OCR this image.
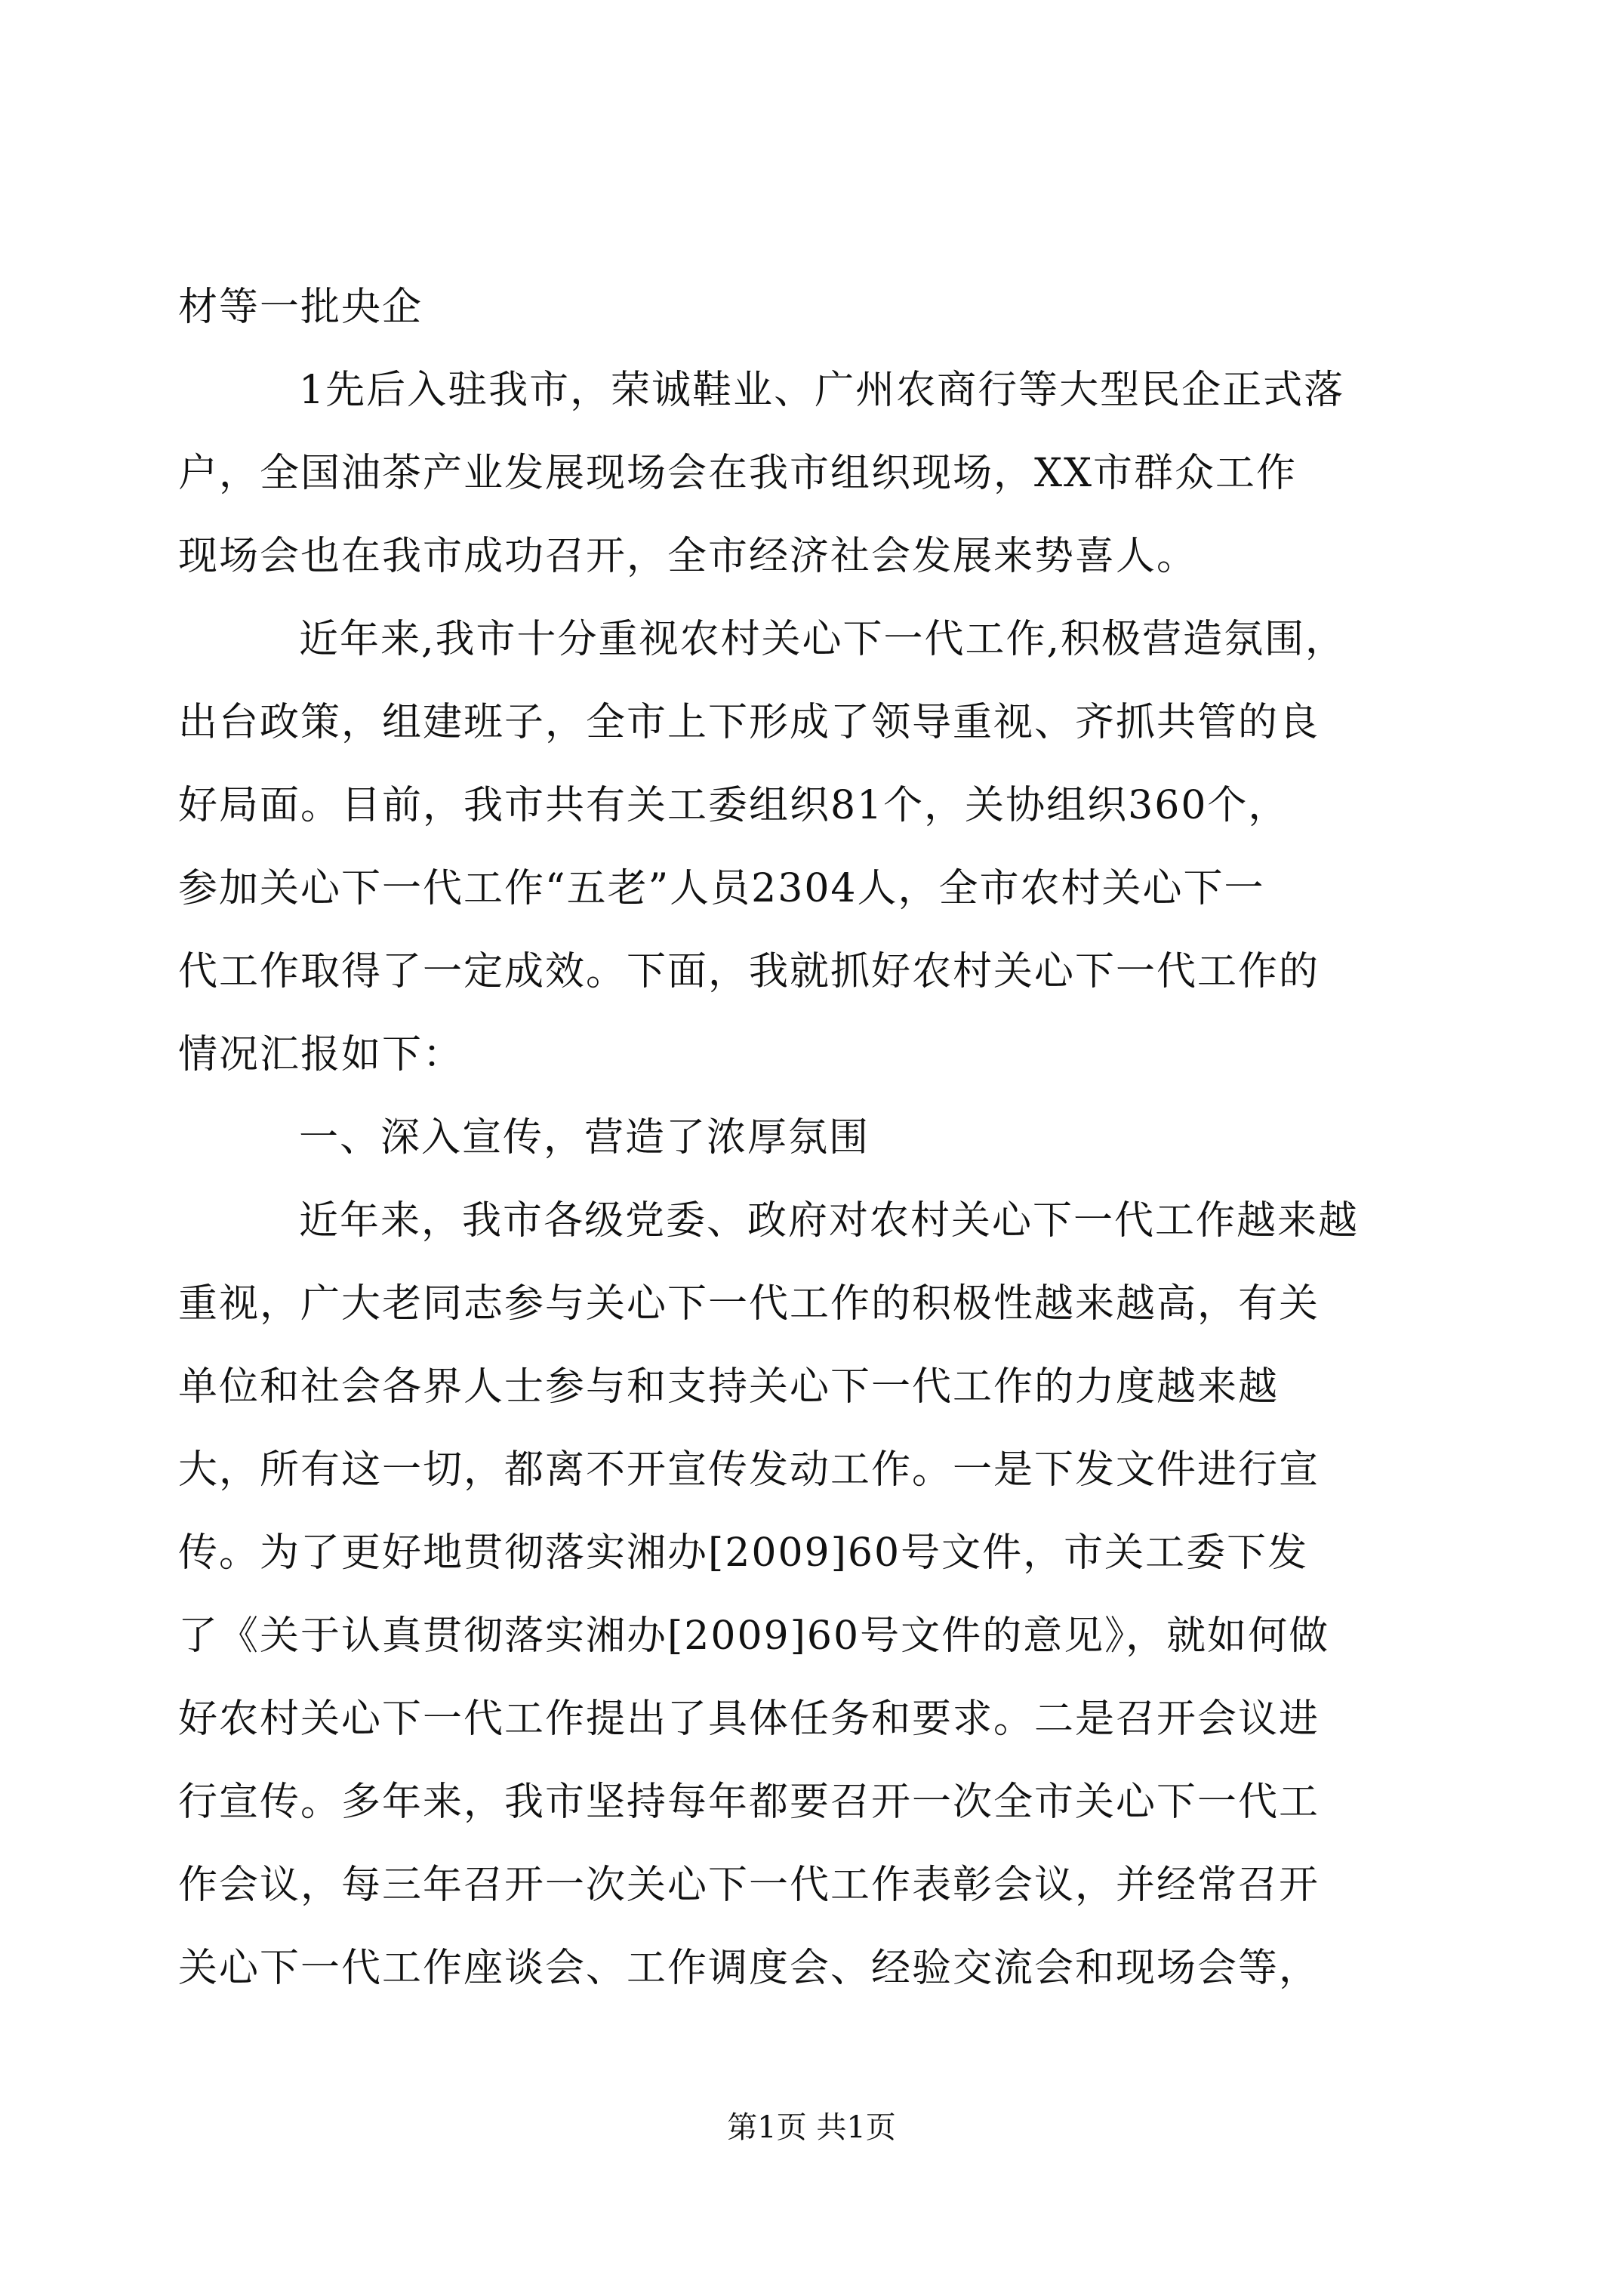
材等一批央企
1先后入驻我市，荣诚鞋业、广州农商行等大型民企正式落
户，全国油茶产业发展现场会在我市组织现场，XX市群众工作
现场会也在我市成功召开，全市经济社会发展来势喜人。
近年来,我市十分重视农村关心下一代工作,积极营造氛围，
出台政策，组建班子，全市上下形成了领导重视、齐抓共管的良
好局面。目前，我市共有关工委组织81个，关协组织360个，
参加关心下一代工作“五老”人员2304人，全市农村关心下一
代工作取得了一定成效。下面，我就抓好农村关心下一代工作的
情况汇报如下：
一、深入宣传，营造了浓厚氛围
近年来，我市各级党委、政府对农村关心下一代工作越来越
重视，广大老同志参与关心下一代工作的积极性越来越高，有关
单位和社会各界人士参与和支持关心下一代工作的力度越来越
大，所有这一切，都离不开宣传发动工作。一是下发文件进行宣
传。为了更好地贯彻落实湘办[2009]60号文件，市关工委下发
了《关于认真贯彻落实湘办[2009]60号文件的意见》，就如何做
好农村关心下一代工作提出了具体任务和要求。二是召开会议进
行宣传。多年来，我市坚持每年都要召开一次全市关心下一代工
作会议，每三年召开一次关心下一代工作表彰会议，并经常召开
关心下一代工作座谈会、工作调度会、经验交流会和现场会等，
第1页 共1页
